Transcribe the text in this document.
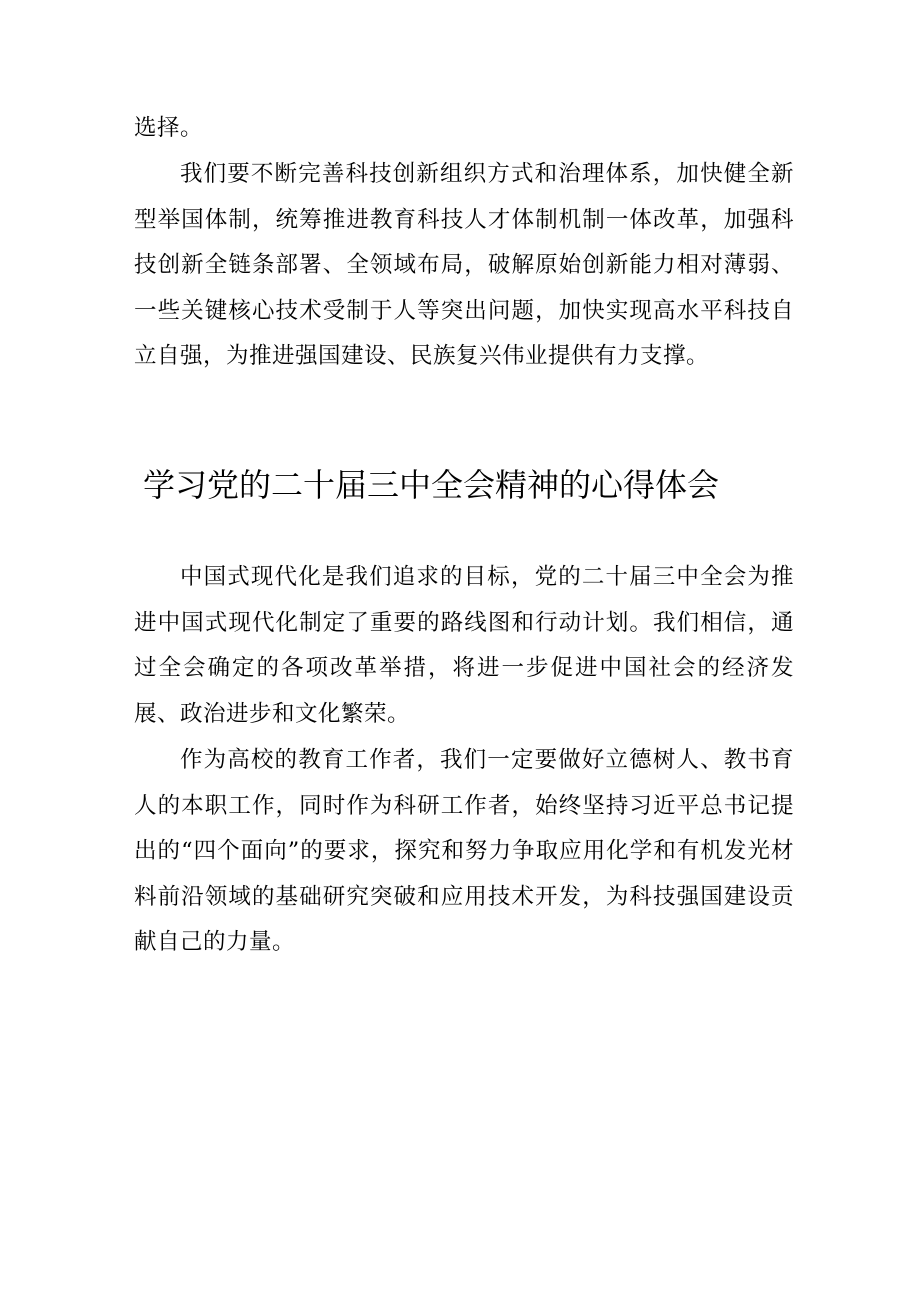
选择。

我们要不断完善科技创新组织方式和治理体系，加快健全新型举国体制，统筹推进教育科技人才体制机制一体改革，加强科技创新全链条部署、全领域布局，破解原始创新能力相对薄弱、一些关键核心技术受制于人等突出问题，加快实现高水平科技自立自强，为推进强国建设、民族复兴伟业提供有力支撑。

学习党的二十届三中全会精神的心得体会

中国式现代化是我们追求的目标，党的二十届三中全会为推进中国式现代化制定了重要的路线图和行动计划。我们相信，通过全会确定的各项改革举措，将进一步促进中国社会的经济发展、政治进步和文化繁荣。

作为高校的教育工作者，我们一定要做好立德树人、教书育人的本职工作，同时作为科研工作者，始终坚持习近平总书记提出的“四个面向”的要求，探究和努力争取应用化学和有机发光材料前沿领域的基础研究突破和应用技术开发，为科技强国建设贡献自己的力量。
